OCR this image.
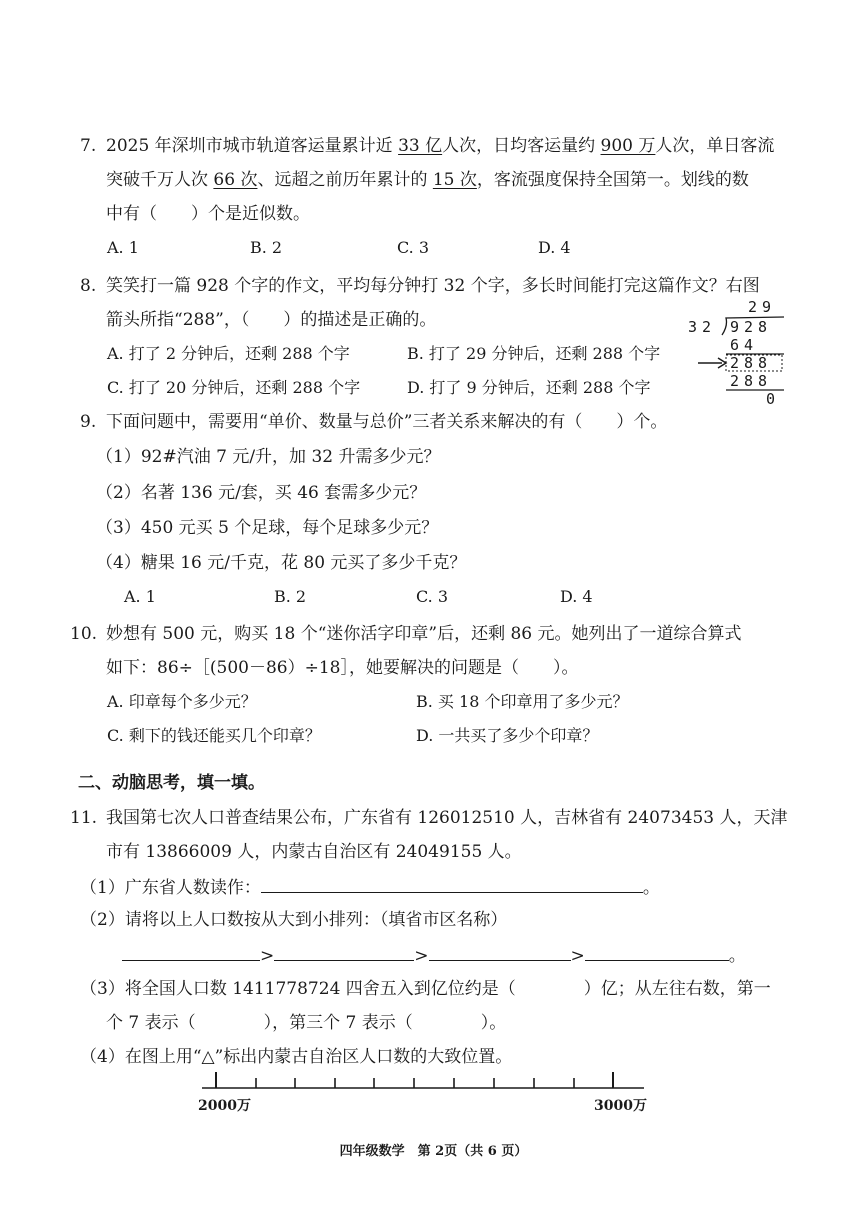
7. 2025 年深圳市城市轨道客运量累计近 33 亿人次，日均客运量约 900 万人次，单日客流
突破千万人次 66 次、远超之前历年累计的 15 次，客流强度保持全国第一。划线的数
中有（　　）个是近似数。
A. 1	B. 2	C. 3	D. 4
8. 笑笑打一篇 928 个字的作文，平均每分钟打 32 个字，多长时间能打完这篇作文？右图
箭头所指“288”，（　　）的描述是正确的。
A. 打了 2 分钟后，还剩 288 个字	B. 打了 29 分钟后，还剩 288 个字
C. 打了 20 分钟后，还剩 288 个字	D. 打了 9 分钟后，还剩 288 个字
29
32 928
64
288
288
0
9. 下面问题中，需要用“单价、数量与总价”三者关系来解决的有（　　）个。
（1）92#汽油 7 元/升，加 32 升需多少元？
（2）名著 136 元/套，买 46 套需多少元？
（3）450 元买 5 个足球，每个足球多少元？
（4）糖果 16 元/千克，花 80 元买了多少千克？
A. 1	B. 2	C. 3	D. 4
10. 妙想有 500 元，购买 18 个“迷你活字印章”后，还剩 86 元。她列出了一道综合算式
如下：86÷［(500－86）÷18］，她要解决的问题是（　　）。
A. 印章每个多少元？	B. 买 18 个印章用了多少元？
C. 剩下的钱还能买几个印章？	D. 一共买了多少个印章？
二、动脑思考，填一填。
11. 我国第七次人口普查结果公布，广东省有 126012510 人，吉林省有 24073453 人，天津
市有 13866009 人，内蒙古自治区有 24049155 人。
（1）广东省人数读作：	。
（2）请将以上人口数按从大到小排列：（填省市区名称）
>	>	>	。
（3）将全国人口数 1411778724 四舍五入到亿位约是（　　　　）亿；从左往右数，第一
个 7 表示（　　　　），第三个 7 表示（　　　　）。
（4）在图上用“△”标出内蒙古自治区人口数的大致位置。
2000万	3000万
四年级数学　第 2页（共 6 页）
